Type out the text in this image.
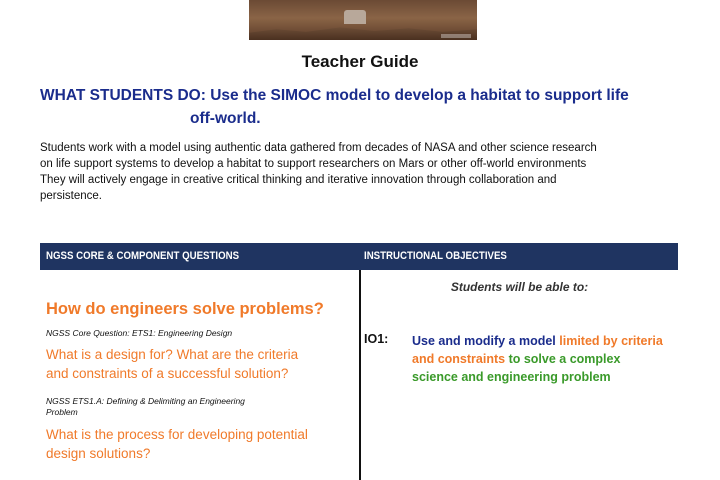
Teacher Guide
WHAT STUDENTS DO: Use the SIMOC model to develop a habitat to support life
off-world.

Students work with a model using authentic data gathered from decades of NASA and other science research

on life support systems to develop a habitat to support researchers on Mars or other off-world environments

They will actively engage in creative critical thinking and iterative innovation through collaboration and

persistence.

NGSS CORE & COMPONENT QUESTIONS	INSTRUCTIONAL OBJECTIVES

How do engineers solve problems?

NGSS Core Question: ETS1: Engineering Design

What is a design for? What are the criteria

and constraints of a successful solution?

NGSS ETS1.A: Defining & Delimiting an Engineering

Problem

What is the process for developing potential

design solutions?

Students will be able to:
IO1: Use and modify a model limited by criteria and constraints to solve a complex science and engineering problem
